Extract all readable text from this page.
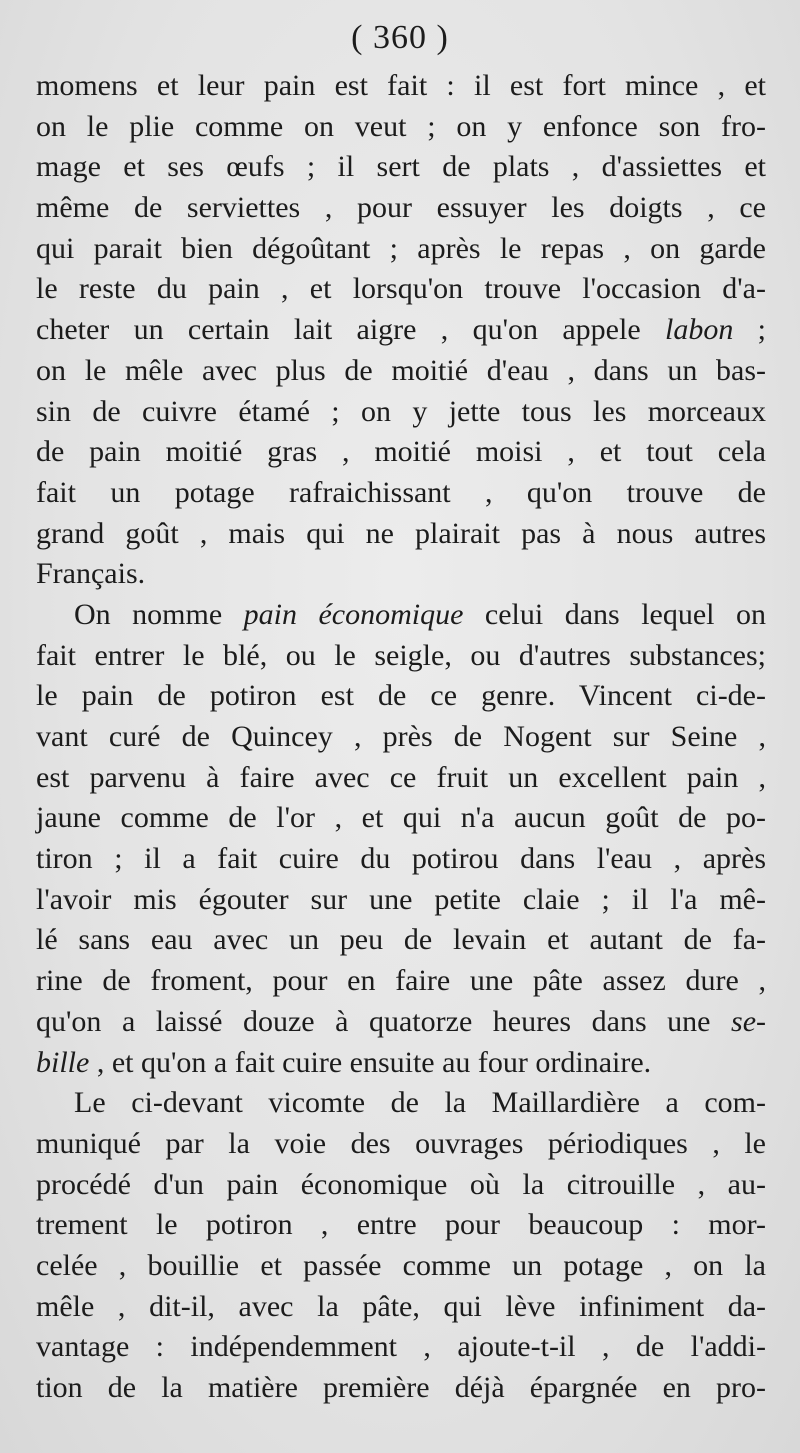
( 360 )
momens et leur pain est fait : il est fort mince , et
on le plie comme on veut ; on y enfonce son fro-
mage et ses œufs ; il sert de plats , d'assiettes et
même de serviettes , pour essuyer les doigts , ce
qui parait bien dégoûtant ; après le repas , on garde
le reste du pain , et lorsqu'on trouve l'occasion d'a-
cheter un certain lait aigre , qu'on appele labon ;
on le mêle avec plus de moitié d'eau , dans un bas-
sin de cuivre étamé ; on y jette tous les morceaux
de pain moitié gras , moitié moisi , et tout cela
fait un potage rafraichissant , qu'on trouve de
grand goût , mais qui ne plairait pas à nous autres
Français.
On nomme pain économique celui dans lequel on
fait entrer le blé, ou le seigle, ou d'autres substances;
le pain de potiron est de ce genre. Vincent ci-de-
vant curé de Quincey , près de Nogent sur Seine ,
est parvenu à faire avec ce fruit un excellent pain ,
jaune comme de l'or , et qui n'a aucun goût de po-
tiron ; il a fait cuire du potirou dans l'eau , après
l'avoir mis égouter sur une petite claie ; il l'a mê-
lé sans eau avec un peu de levain et autant de fa-
rine de froment, pour en faire une pâte assez dure ,
qu'on a laissé douze à quatorze heures dans une se-
bille , et qu'on a fait cuire ensuite au four ordinaire.
Le ci-devant vicomte de la Maillardière a com-
muniqué par la voie des ouvrages périodiques , le
procédé d'un pain économique où la citrouille , au-
trement le potiron , entre pour beaucoup : mor-
celée , bouillie et passée comme un potage , on la
mêle , dit-il, avec la pâte, qui lève infiniment da-
vantage : indépendemment , ajoute-t-il , de l'addi-
tion de la matière première déjà épargnée en pro-
